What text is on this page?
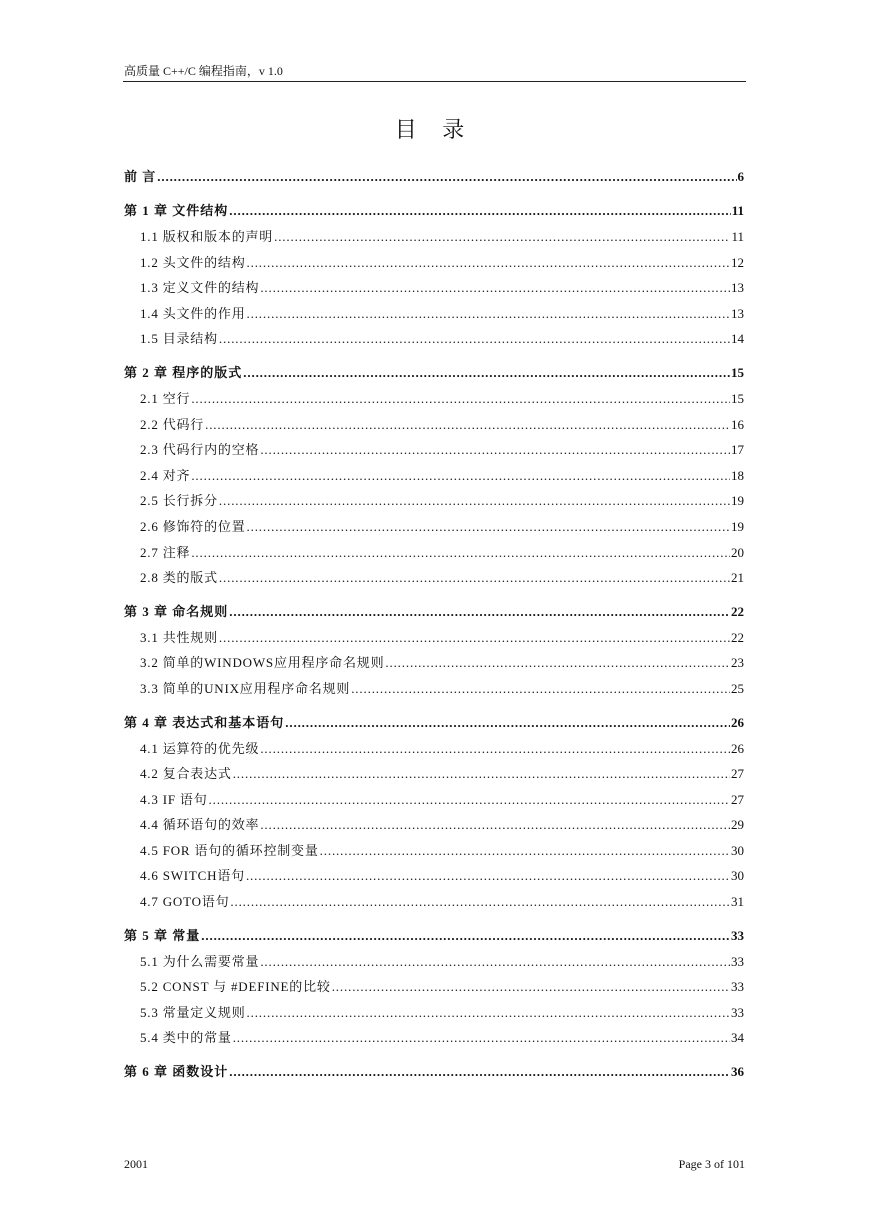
高质量 C++/C 编程指南，v 1.0
目 录
前 言 . . .	6
第 1 章 文件结构 . . .	11
1.1 版权和版本的声明 . . .	11
1.2 头文件的结构 . . .	12
1.3 定义文件的结构 . . .	13
1.4 头文件的作用 . . .	13
1.5 目录结构 . . .	14
第 2 章 程序的版式 . . .	15
2.1 空行 . . .	15
2.2 代码行 . . .	16
2.3 代码行内的空格 . . .	17
2.4 对齐 . . .	18
2.5 长行拆分 . . .	19
2.6 修饰符的位置 . . .	19
2.7 注释 . . .	20
2.8 类的版式 . . .	21
第 3 章 命名规则 . . .	22
3.1 共性规则 . . .	22
3.2 简单的WINDOWS应用程序命名规则 . . .	23
3.3 简单的UNIX应用程序命名规则 . . .	25
第 4 章 表达式和基本语句 . . .	26
4.1 运算符的优先级 . . .	26
4.2 复合表达式 . . .	27
4.3 IF 语句 . . .	27
4.4 循环语句的效率 . . .	29
4.5 FOR 语句的循环控制变量 . . .	30
4.6 SWITCH语句 . . .	30
4.7 GOTO语句 . . .	31
第 5 章 常量 . . .	33
5.1 为什么需要常量 . . .	33
5.2 CONST 与 #DEFINE的比较 . . .	33
5.3 常量定义规则 . . .	33
5.4 类中的常量 . . .	34
第 6 章 函数设计 . . .	36
2001	Page 3 of 101
